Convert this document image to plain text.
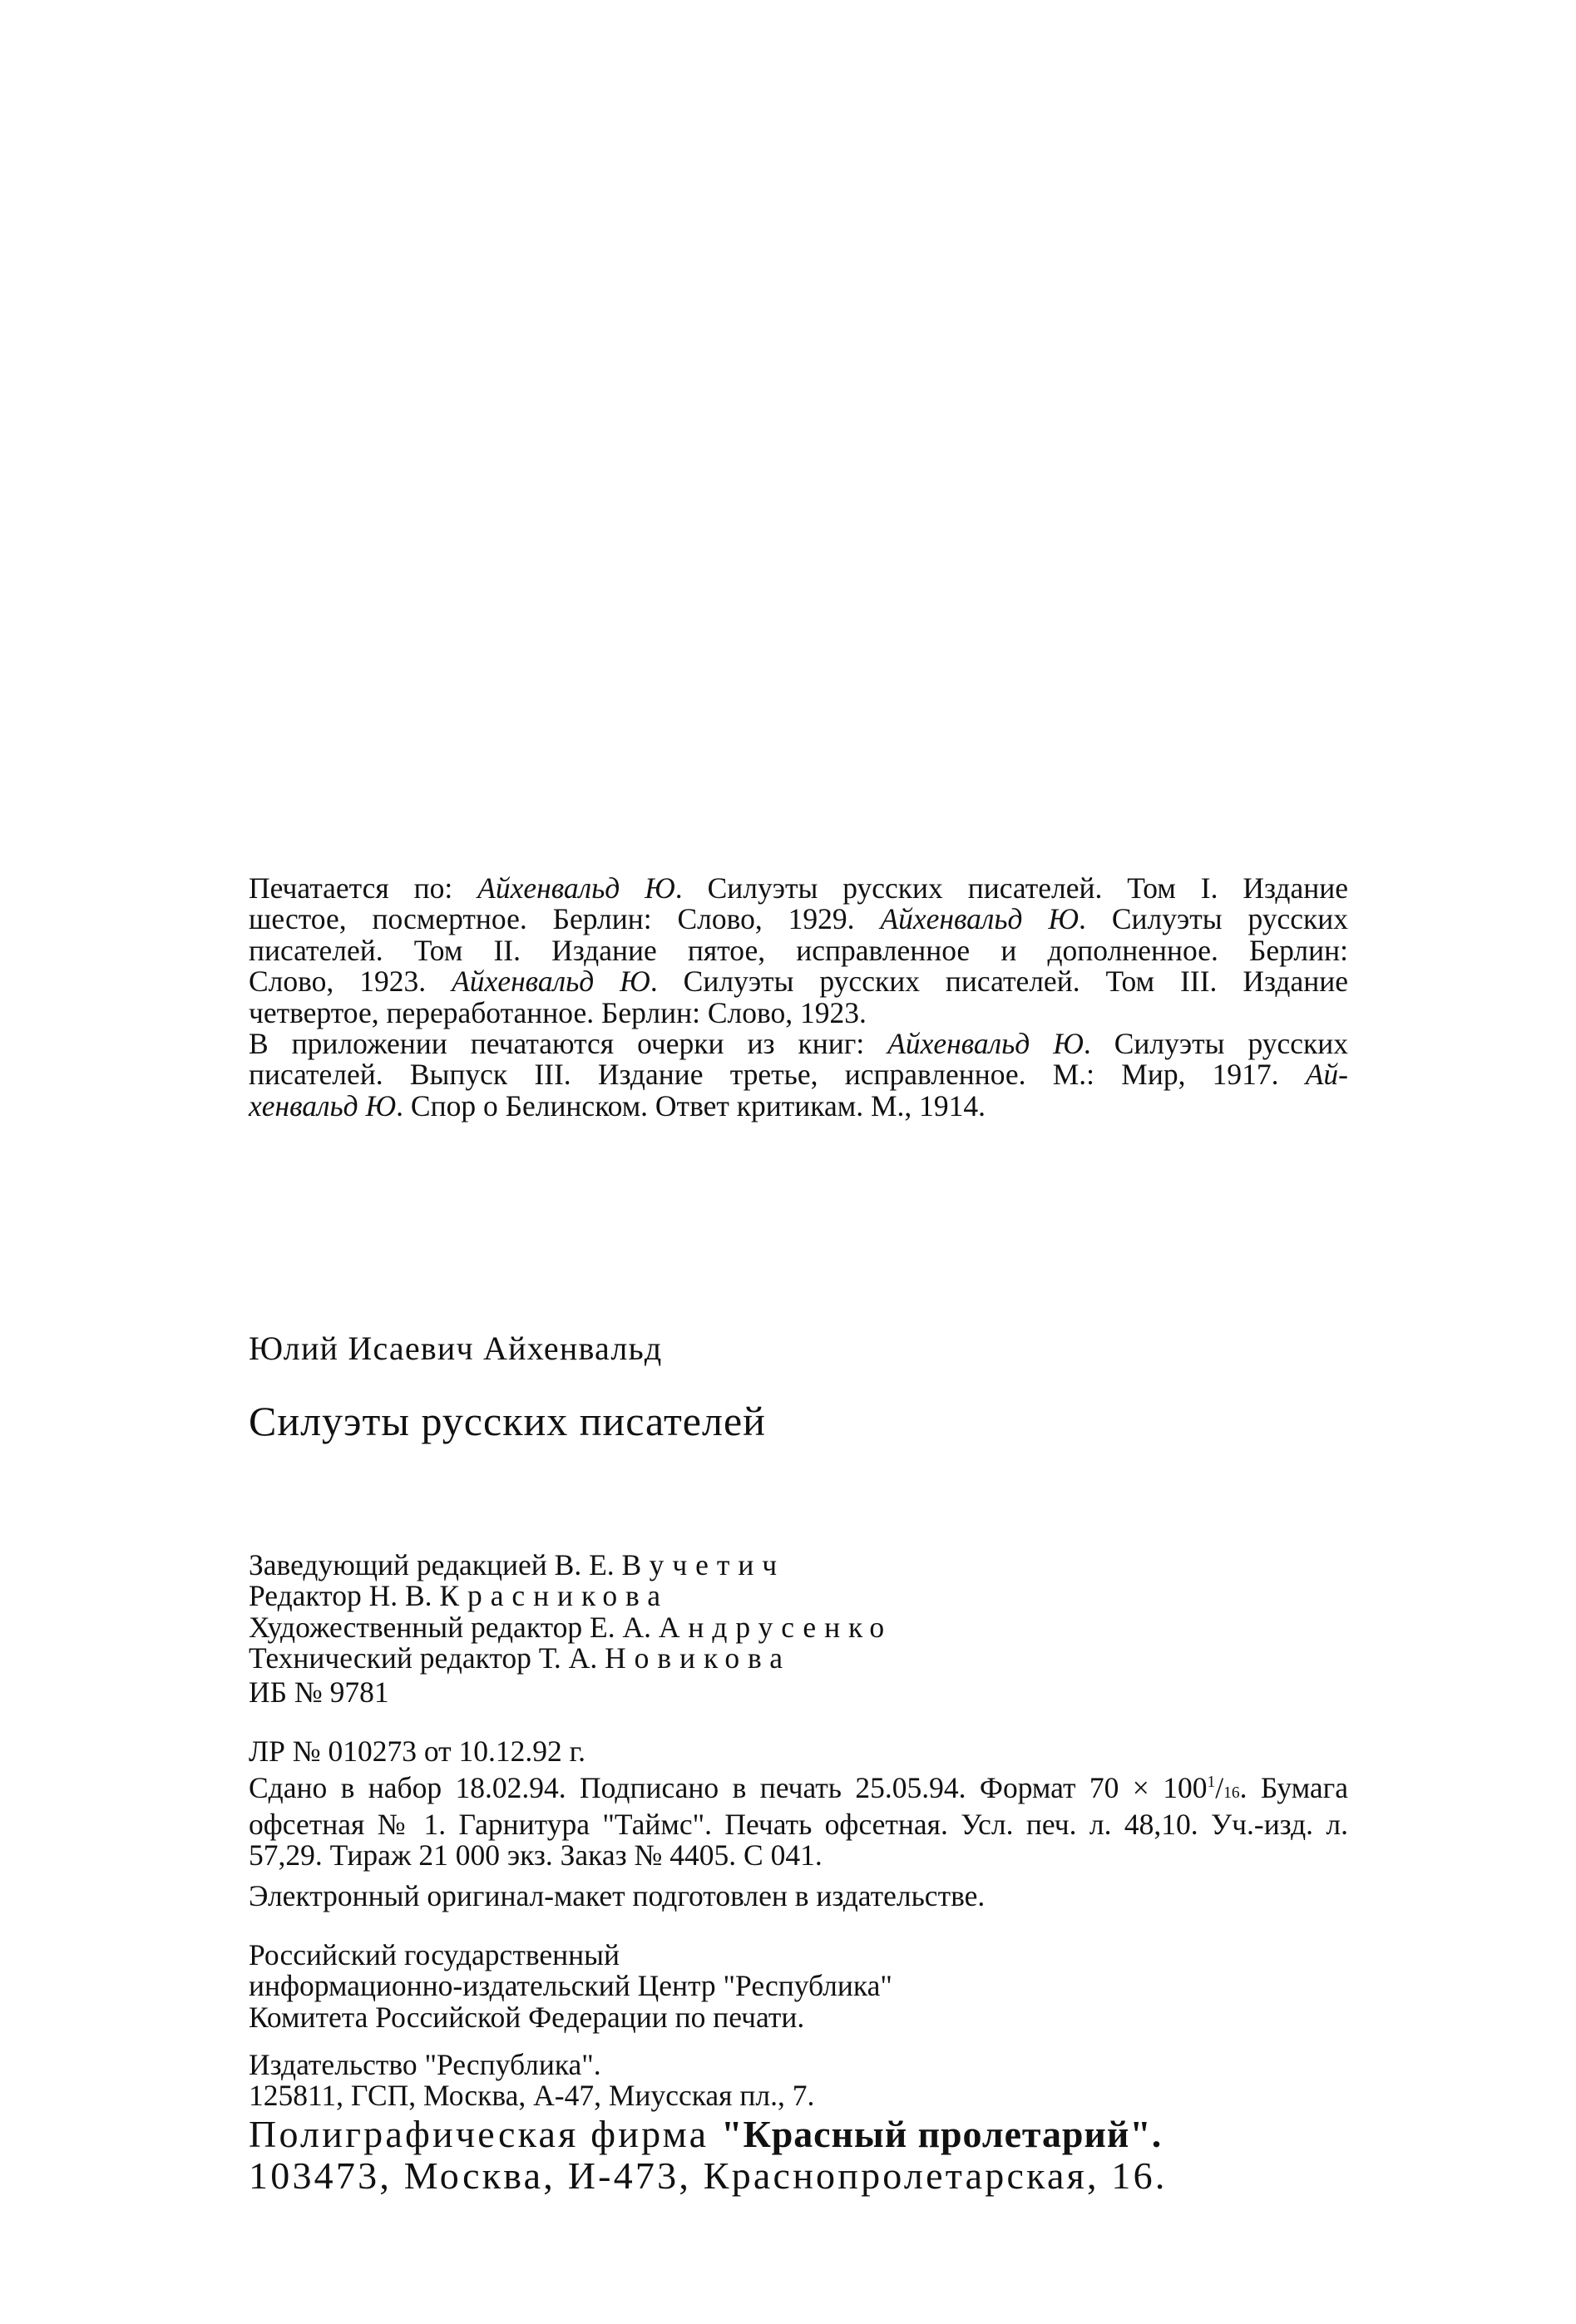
Печатается по: Айхенвальд Ю. Силуэты русских писателей. Том I. Издание
шестое, посмертное. Берлин: Слово, 1929. Айхенвальд Ю. Силуэты русских
писателей. Том II. Издание пятое, исправленное и дополненное. Берлин:
Слово, 1923. Айхенвальд Ю. Силуэты русских писателей. Том III. Издание
четвертое, переработанное. Берлин: Слово, 1923.
В приложении печатаются очерки из книг: Айхенвальд Ю. Силуэты русских
писателей. Выпуск III. Издание третье, исправленное. М.: Мир, 1917. Ай-
хенвальд Ю. Спор о Белинском. Ответ критикам. М., 1914.
Юлий Исаевич Айхенвальд
Силуэты русских писателей
Заведующий редакцией В. Е. Вучетич
Редактор Н. В. Красникова
Художественный редактор Е. А. Андрусенко
Технический редактор Т. А. Новикова
ИБ № 9781
ЛР № 010273 от 10.12.92 г.
Сдано в набор 18.02.94. Подписано в печать 25.05.94. Формат $70 \times 100^1/16$. Бумага
офсетная № 1. Гарнитура "Таймс". Печать офсетная. Усл. печ. л. 48,10. Уч.-изд. л.
57,29. Тираж 21 000 экз. Заказ № 4405. С 041.
Электронный оригинал-макет подготовлен в издательстве.
Российский государственный
информационно-издательский Центр "Республика"
Комитета Российской Федерации по печати.
Издательство "Республика".
125811, ГСП, Москва, А-47, Миусская пл., 7.
Полиграфическая фирма "Красный пролетарий".
103473, Москва, И-473, Краснопролетарская, 16.
